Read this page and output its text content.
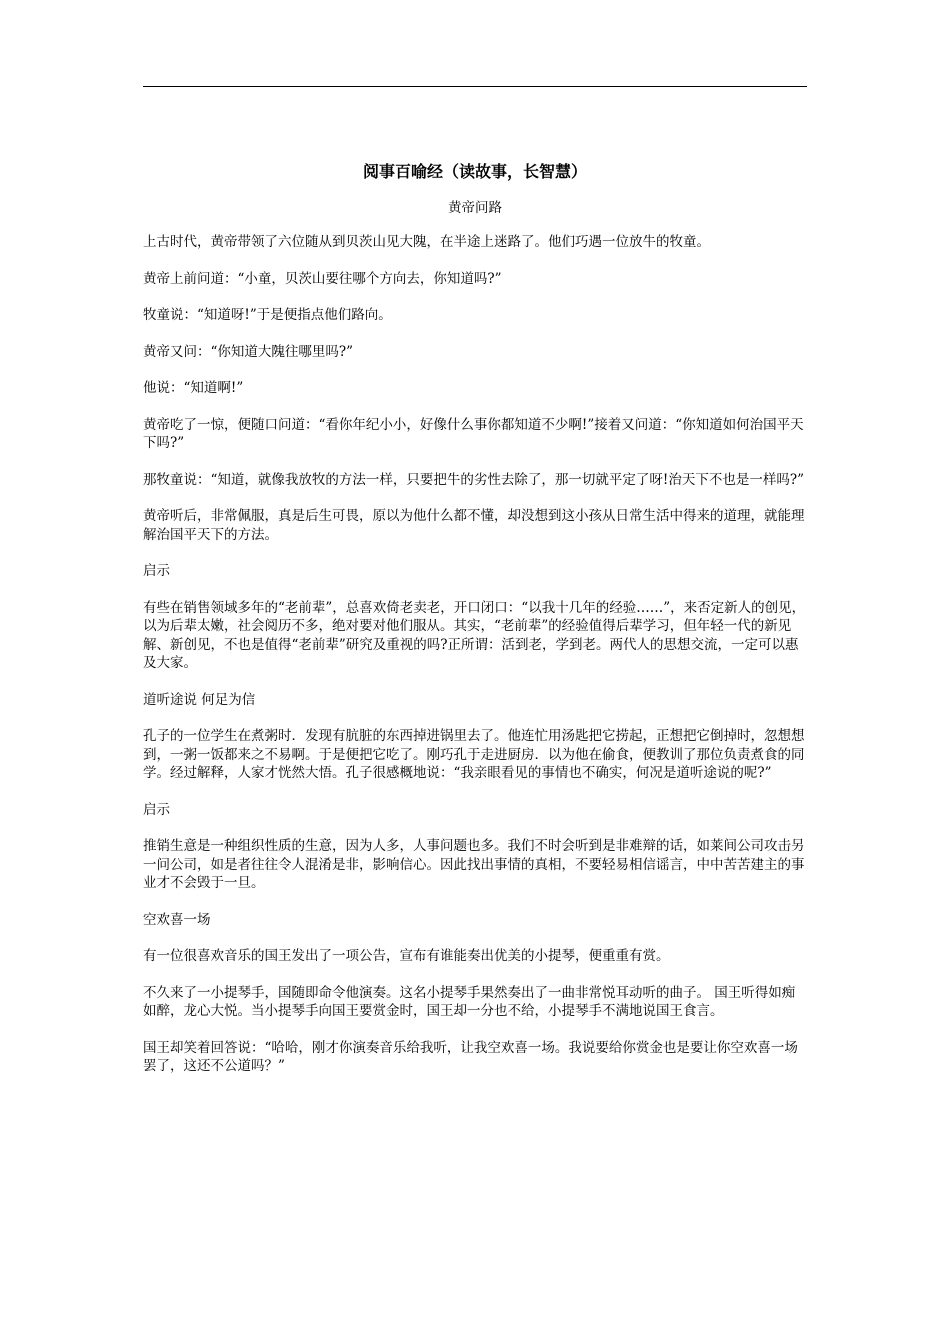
阅事百喻经（读故事，长智慧）
黄帝问路

上古时代，黄帝带领了六位随从到贝茨山见大隗，在半途上迷路了。他们巧遇一位放牛的牧童。

黄帝上前问道：“小童，贝茨山要往哪个方向去，你知道吗?”

牧童说：“知道呀!”于是便指点他们路向。

黄帝又问：“你知道大隗往哪里吗?”

他说：“知道啊!”

黄帝吃了一惊，便随口问道：“看你年纪小小，好像什么事你都知道不少啊!”接着又问道：“你知道如何治国平天下吗?”

那牧童说：“知道，就像我放牧的方法一样，只要把牛的劣性去除了，那一切就平定了呀!治天下不也是一样吗?”

黄帝听后，非常佩服，真是后生可畏，原以为他什么都不懂，却没想到这小孩从日常生活中得来的道理，就能理解治国平天下的方法。

启示

有些在销售领域多年的“老前辈”，总喜欢倚老卖老，开口闭口：“以我十几年的经验……”，来否定新人的创见，以为后辈太嫩，社会阅历不多，绝对要对他们服从。其实，“老前辈”的经验值得后辈学习，但年轻一代的新见解、新创见，不也是值得“老前辈”研究及重视的吗?正所谓：活到老，学到老。两代人的思想交流，一定可以惠及大家。

道听途说 何足为信

孔子的一位学生在煮粥时．发现有肮脏的东西掉进锅里去了。他连忙用汤匙把它捞起，正想把它倒掉时，忽想想到，一粥一饭都来之不易啊。于是便把它吃了。刚巧孔于走进厨房．以为他在偷食，便教训了那位负责煮食的同学。经过解释，人家才恍然大悟。孔子很感概地说：“我亲眼看见的事情也不确实，何况是道听途说的呢?”

启示

推销生意是一种组织性质的生意，因为人多，人事问题也多。我们不时会听到是非难辩的话，如莱间公司攻击另一问公司，如是者往往令人混淆是非，影响信心。因此找出事情的真相，不要轻易相信谣言，中中苦苦建主的事业才不会毁于一旦。

空欢喜一场

有一位很喜欢音乐的国王发出了一项公告，宣布有谁能奏出优美的小提琴，便重重有赏。

不久来了一小提琴手，国随即命令他演奏。这名小提琴手果然奏出了一曲非常悦耳动听的曲子。 国王听得如痴如醉，龙心大悦。当小提琴手向国王要赏金时，国王却一分也不给，小提琴手不满地说国王食言。

国王却笑着回答说：“哈哈，刚才你演奏音乐给我听，让我空欢喜一场。我说要给你赏金也是要让你空欢喜一场罢了，这还不公道吗？”
